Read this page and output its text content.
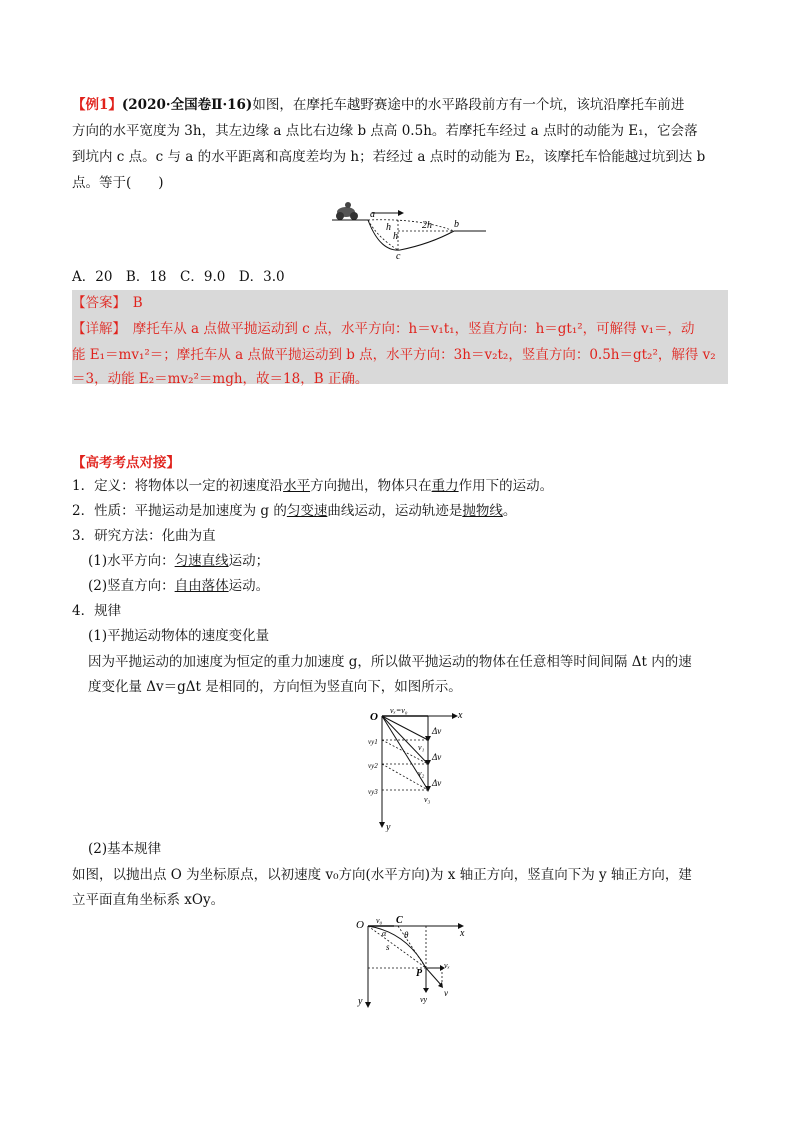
【例1】(2020·全国卷Ⅱ·16)如图，在摩托车越野赛途中的水平路段前方有一个坑，该坑沿摩托车前进
方向的水平宽度为 3h，其左边缘 a 点比右边缘 b 点高 0.5h。若摩托车经过 a 点时的动能为 E₁，它会落
到坑内 c 点。c 与 a 的水平距离和高度差均为 h；若经过 a 点时的动能为 E₂，该摩托车恰能越过坑到达 b
点。等于(　　)
a
h
h
2h b
c
A．20　B．18　C．9.0　D．3.0
【答案】　 B
【详解】　 摩托车从 a 点做平抛运动到 c 点，水平方向：h＝v₁t₁，竖直方向：h＝gt₁²，可解得 v₁＝，动
能 E₁＝mv₁²＝；摩托车从 a 点做平抛运动到 b 点，水平方向：3h＝v₂t₂，竖直方向：0.5h＝gt₂²，解得 v₂
＝3，动能 E₂＝mv₂²＝mgh，故＝18，B 正确。
【高考考点对接】
1．定义：将物体以一定的初速度沿水平方向抛出，物体只在重力作用下的运动。
2．性质：平抛运动是加速度为 g 的匀变速曲线运动，运动轨迹是抛物线。
3．研究方法：化曲为直
(1)水平方向：匀速直线运动；
(2)竖直方向：自由落体运动。
4．规律
(1)平抛运动物体的速度变化量
因为平抛运动的加速度为恒定的重力加速度 g，所以做平抛运动的物体在任意相等时间间隔 Δt 内的速
度变化量 Δv＝gΔt 是相同的，方向恒为竖直向下，如图所示。
O
vₓ=v₀	x
y
Δv
Δv
Δv
vy1
vy2
vy3
v₁
v₂
v₃
(2)基本规律
如图，以抛出点 O 为坐标原点，以初速度 v₀方向(水平方向)为 x 轴正方向，竖直向下为 y 轴正方向，建
立平面直角坐标系 xOy。
O v₀ C
x
θ
α
s
P
vₓ
vy
v
y
